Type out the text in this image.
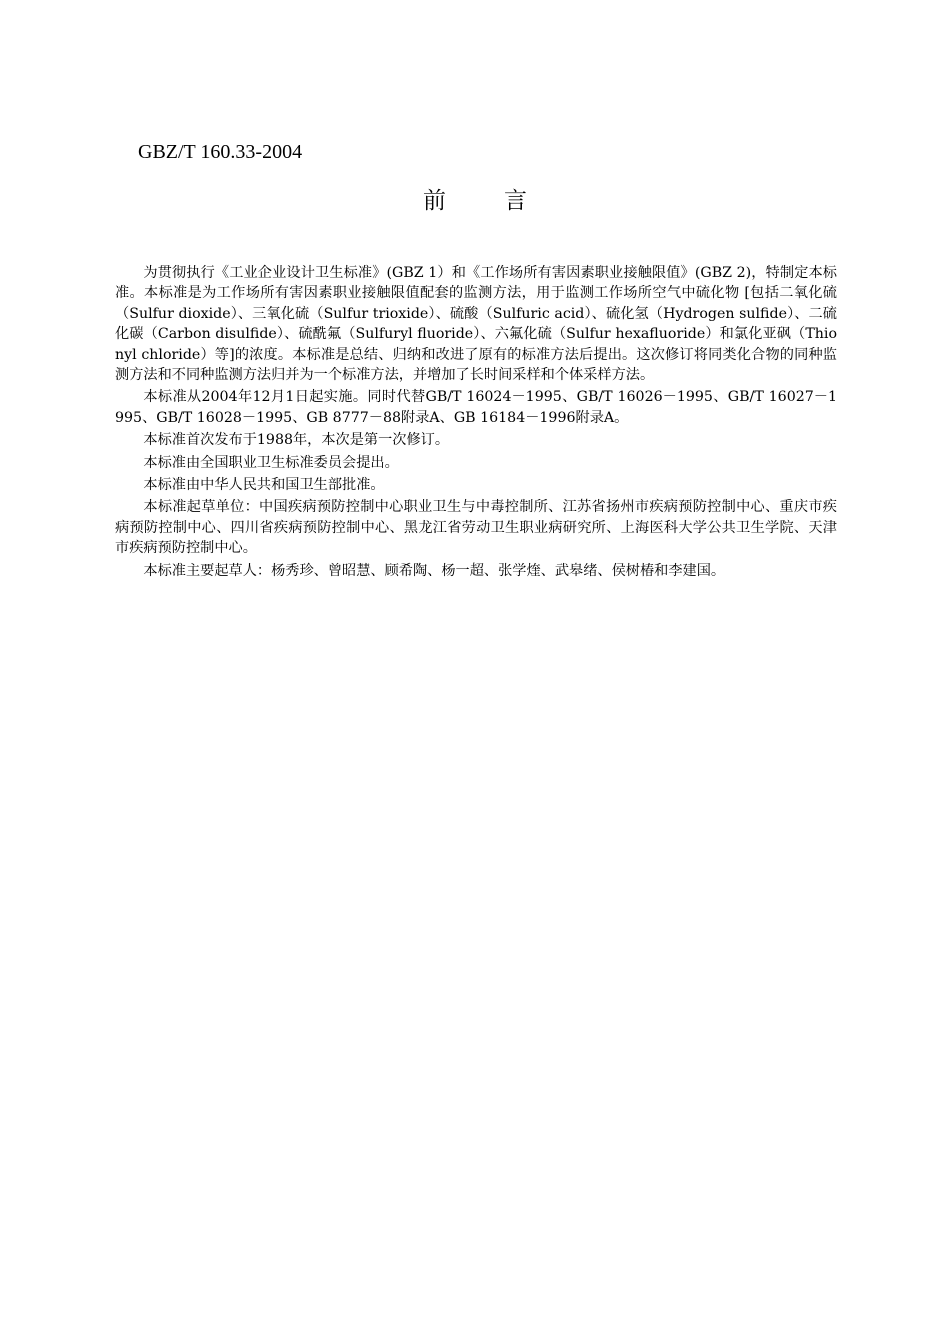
GBZ/T 160.33-2004
前言

为贯彻执行《工业企业设计卫生标准》(GBZ 1）和《工作场所有害因素职业接触限值》(GBZ 2)，特制定本标准。本标准是为工作场所有害因素职业接触限值配套的监测方法，用于监测工作场所空气中硫化物 [包括二氧化硫（Sulfur dioxide）、三氧化硫（Sulfur trioxide）、硫酸（Sulfuric acid）、硫化氢（Hydrogen sulfide）、二硫化碳（Carbon disulfide）、硫酰氟（Sulfuryl fluoride）、六氟化硫（Sulfur hexafluoride）和氯化亚砜（Thionyl chloride）等]的浓度。本标准是总结、归纳和改进了原有的标准方法后提出。这次修订将同类化合物的同种监测方法和不同种监测方法归并为一个标准方法，并增加了长时间采样和个体采样方法。

本标准从2004年12月1日起实施。同时代替GB/T 16024－1995、GB/T 16026－1995、GB/T 16027－1995、GB/T 16028－1995、GB 8777－88附录A、GB 16184－1996附录A。

本标准首次发布于1988年，本次是第一次修订。

本标准由全国职业卫生标准委员会提出。

本标准由中华人民共和国卫生部批准。

本标准起草单位：中国疾病预防控制中心职业卫生与中毒控制所、江苏省扬州市疾病预防控制中心、重庆市疾病预防控制中心、四川省疾病预防控制中心、黑龙江省劳动卫生职业病研究所、上海医科大学公共卫生学院、天津市疾病预防控制中心。

本标准主要起草人：杨秀珍、曾昭慧、顾希陶、杨一超、张学煃、武皋绪、侯树椿和李建国。
